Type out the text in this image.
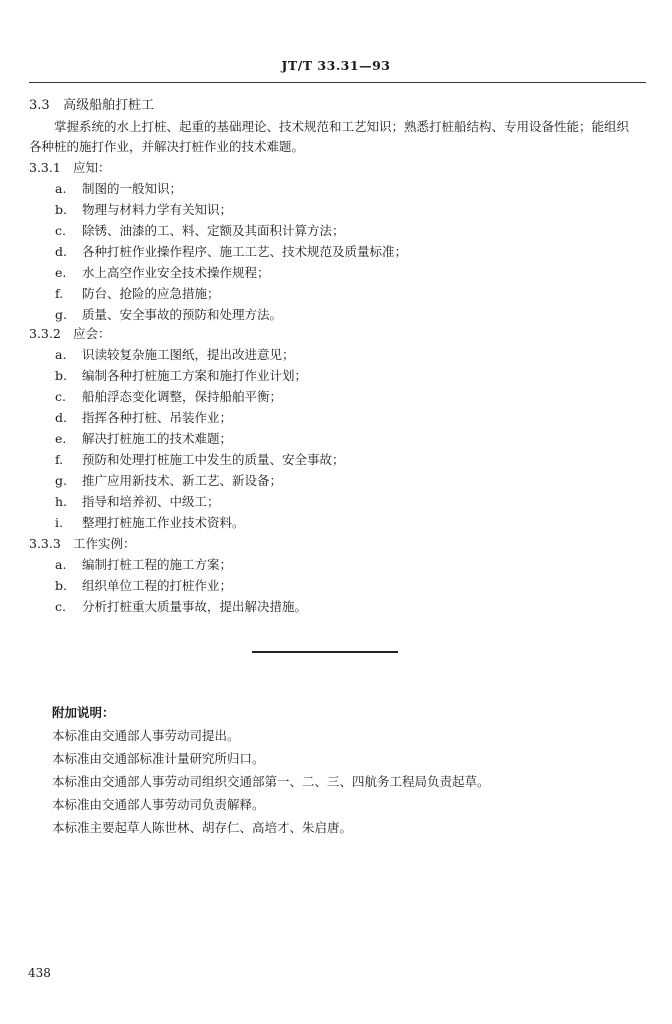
JT/T 33.31—93
3.3 高级船舶打桩工
掌握系统的水上打桩、起重的基础理论、技术规范和工艺知识；熟悉打桩船结构、专用设备性能；能组织各种桩的施打作业，并解决打桩作业的技术难题。
3.3.1 应知：
a. 制图的一般知识；
b. 物理与材料力学有关知识；
c. 除锈、油漆的工、料、定额及其面积计算方法；
d. 各种打桩作业操作程序、施工工艺、技术规范及质量标准；
e. 水上高空作业安全技术操作规程；
f. 防台、抢险的应急措施；
g. 质量、安全事故的预防和处理方法。
3.3.2 应会：
a. 识读较复杂施工图纸，提出改进意见；
b. 编制各种打桩施工方案和施打作业计划；
c. 船舶浮态变化调整，保持船舶平衡；
d. 指挥各种打桩、吊装作业；
e. 解决打桩施工的技术难题；
f. 预防和处理打桩施工中发生的质量、安全事故；
g. 推广应用新技术、新工艺、新设备；
h. 指导和培养初、中级工；
i. 整理打桩施工作业技术资料。
3.3.3 工作实例：
a. 编制打桩工程的施工方案；
b. 组织单位工程的打桩作业；
c. 分析打桩重大质量事故，提出解决措施。
附加说明：
本标准由交通部人事劳动司提出。
本标准由交通部标准计量研究所归口。
本标准由交通部人事劳动司组织交通部第一、二、三、四航务工程局负责起草。
本标准由交通部人事劳动司负责解释。
本标准主要起草人陈世林、胡存仁、高培才、朱启唐。
438
